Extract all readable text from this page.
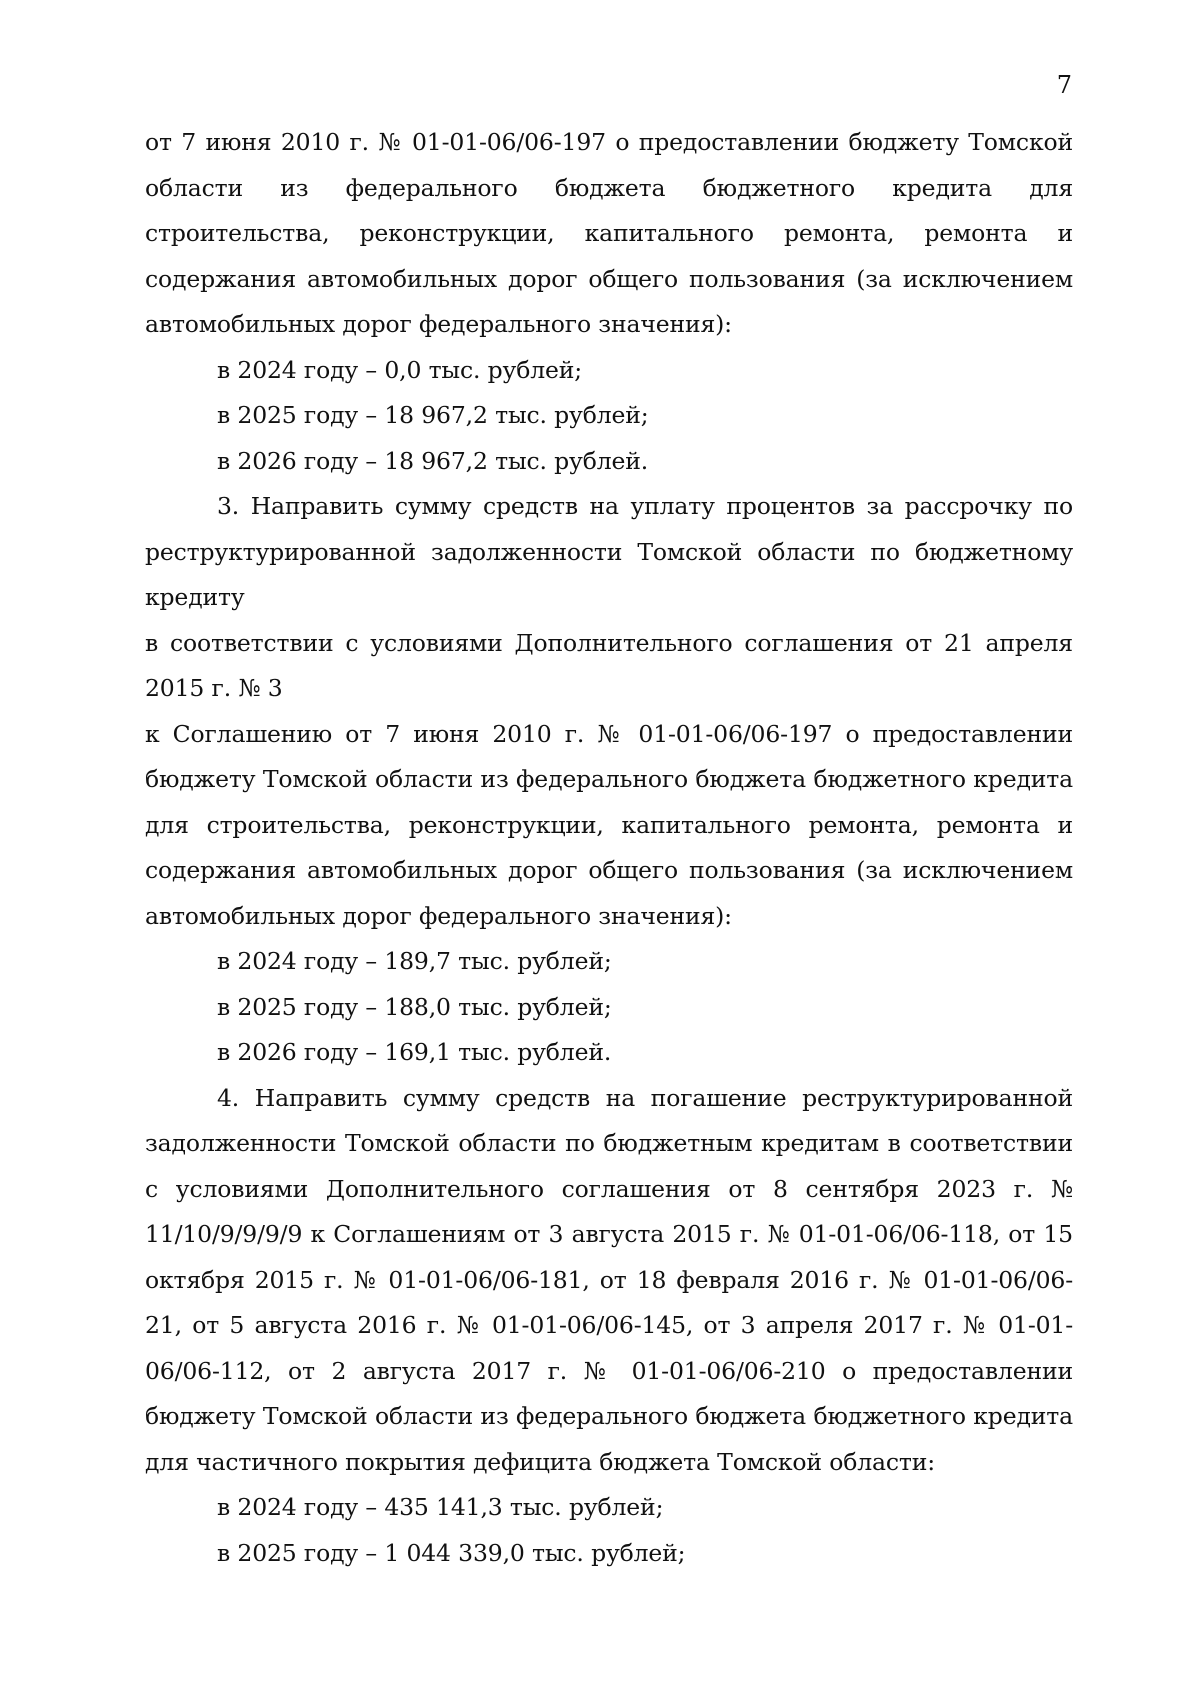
7

от 7 июня 2010 г. № 01-01-06/06-197 о предоставлении бюджету Томской области из федерального бюджета бюджетного кредита для строительства, реконструкции, капитального ремонта, ремонта и содержания автомобильных дорог общего пользования (за исключением автомобильных дорог федерального значения):

в 2024 году – 0,0 тыс. рублей;

в 2025 году – 18 967,2 тыс. рублей;

в 2026 году – 18 967,2 тыс. рублей.

3. Направить сумму средств на уплату процентов за рассрочку по реструктурированной задолженности Томской области по бюджетному кредиту

в соответствии с условиями Дополнительного соглашения от 21 апреля 2015 г. № 3

к Соглашению от 7 июня 2010 г. № 01-01-06/06-197 о предоставлении бюджету Томской области из федерального бюджета бюджетного кредита для строительства, реконструкции, капитального ремонта, ремонта и содержания автомобильных дорог общего пользования (за исключением автомобильных дорог федерального значения):

в 2024 году – 189,7 тыс. рублей;

в 2025 году – 188,0 тыс. рублей;

в 2026 году – 169,1 тыс. рублей.

4. Направить сумму средств на погашение реструктурированной задолженности Томской области по бюджетным кредитам в соответствии с условиями Дополнительного соглашения от 8 сентября 2023 г. № 11/10/9/9/9/9 к Соглашениям от 3 августа 2015 г. № 01-01-06/06-118, от 15 октября 2015 г. № 01-01-06/06-181, от 18 февраля 2016 г. № 01-01-06/06-21, от 5 августа 2016 г. № 01-01-06/06-145, от 3 апреля 2017 г. № 01-01-06/06-112, от 2 августа 2017 г. № 01-01-06/06-210 о предоставлении бюджету Томской области из федерального бюджета бюджетного кредита для частичного покрытия дефицита бюджета Томской области:

в 2024 году – 435 141,3 тыс. рублей;

в 2025 году – 1 044 339,0 тыс. рублей;
